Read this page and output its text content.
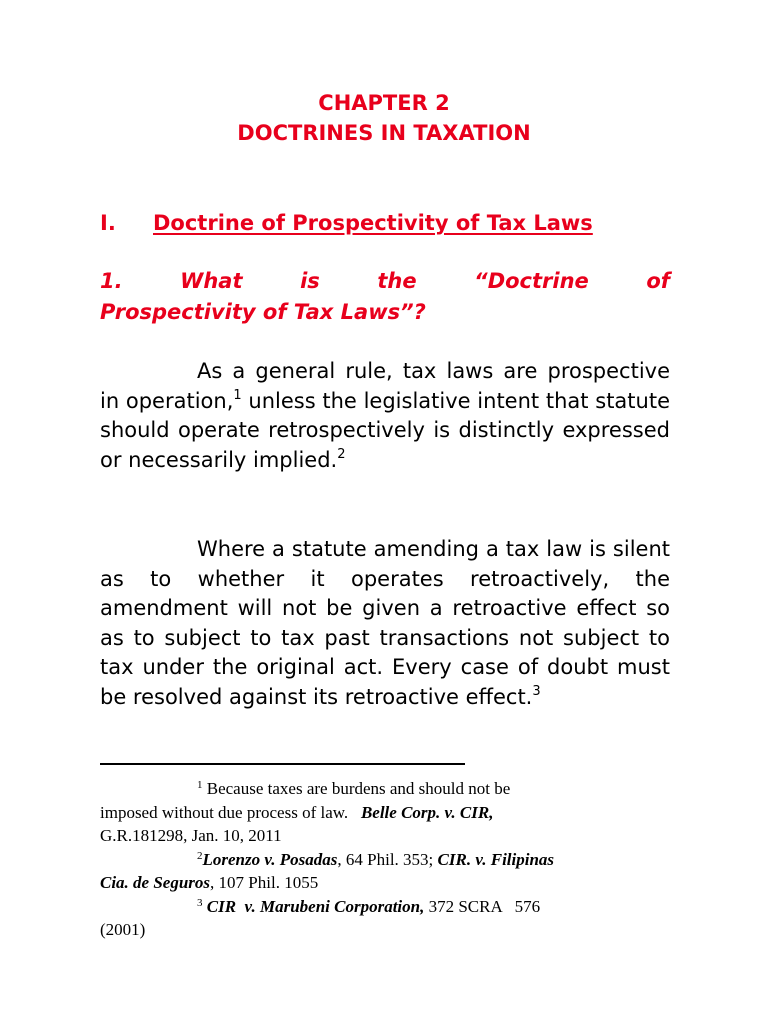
CHAPTER 2
DOCTRINES IN TAXATION
I. Doctrine of Prospectivity of Tax Laws
1.	What	is	the	“Doctrine	of
Prospectivity of Tax Laws”?
As a general rule, tax laws are prospective in operation,$^1$ unless the legislative intent that statute should operate retrospectively is distinctly expressed or necessarily implied.$^2$
Where a statute amending a tax law is silent as to whether it operates retroactively, the amendment will not be given a retroactive effect so as to subject to tax past transactions not subject to tax under the original act. Every case of doubt must be resolved against its retroactive effect.$^3$
$^1$ Because taxes are burdens and should not be
imposed without due process of law.   Belle Corp. v. CIR,
G.R.181298, Jan. 10, 2011
$^2$Lorenzo v. Posadas, 64 Phil. 353; CIR. v. Filipinas
Cia. de Seguros, 107 Phil. 1055
$^3$ CIR  v. Marubeni Corporation, 372 SCRA   576
(2001)
